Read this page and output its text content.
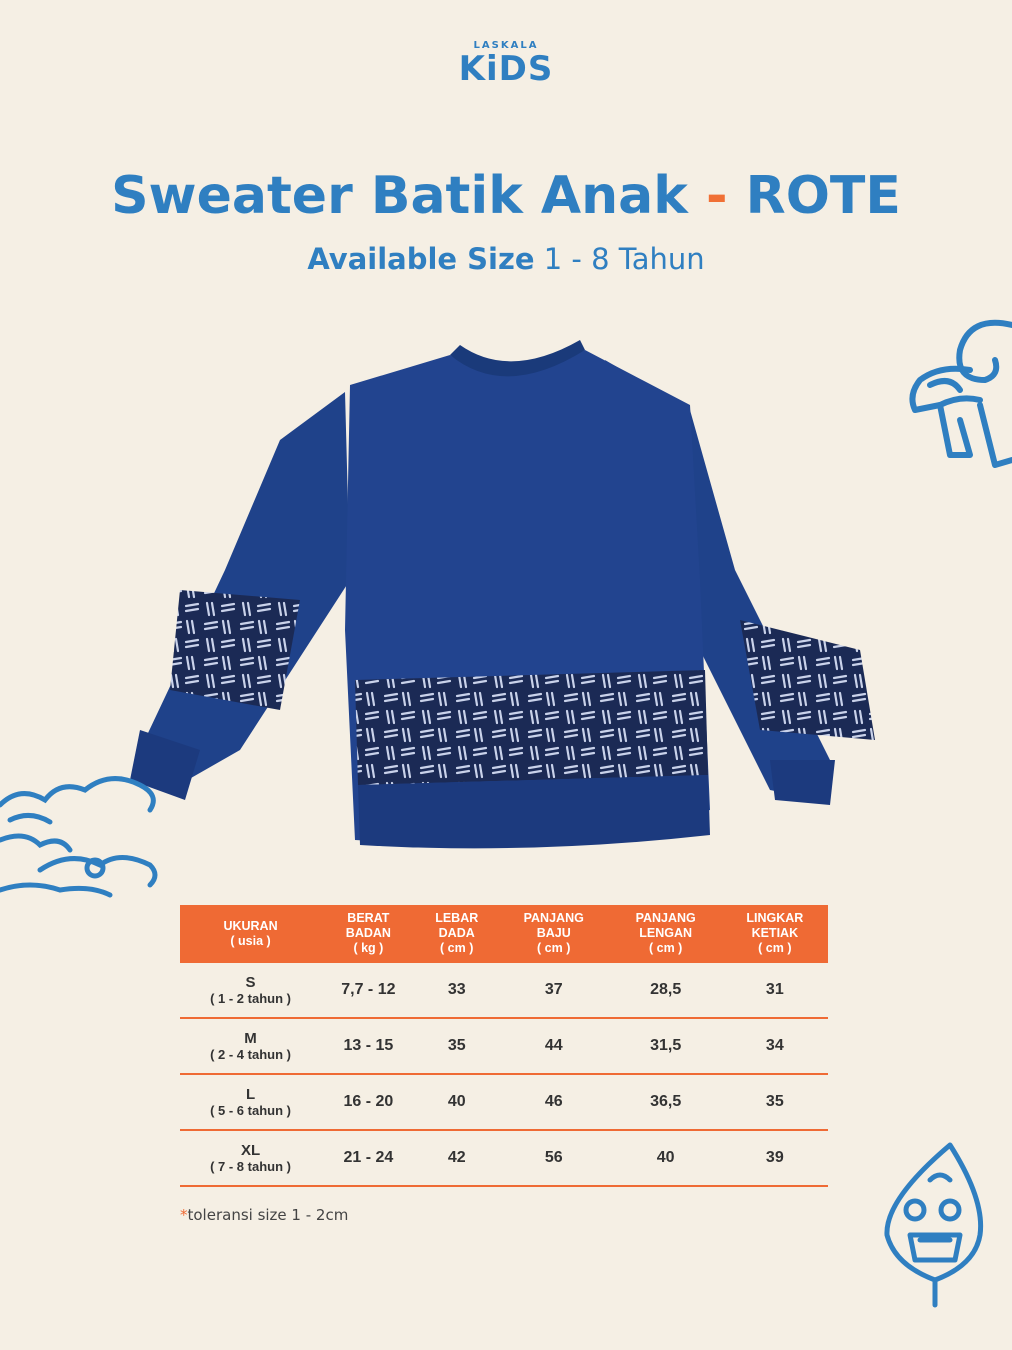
LASKALA
KiDS
Sweater Batik Anak - ROTE
Available Size 1 - 8 Tahun
UKURAN
( usia )	BERAT
BADAN
( kg )	LEBAR
DADA
( cm )	PANJANG
BAJU
( cm )	PANJANG
LENGAN
( cm )	LINGKAR
KETIAK
( cm )

S
( 1 - 2 tahun )	7,7 - 12	33	37	28,5	31

M
( 2 - 4 tahun )	13 - 15	35	44	31,5	34

L
( 5 - 6 tahun )	16 - 20	40	46	36,5	35

XL
( 7 - 8 tahun )	21 - 24	42	56	40	39
*toleransi size 1 - 2cm
